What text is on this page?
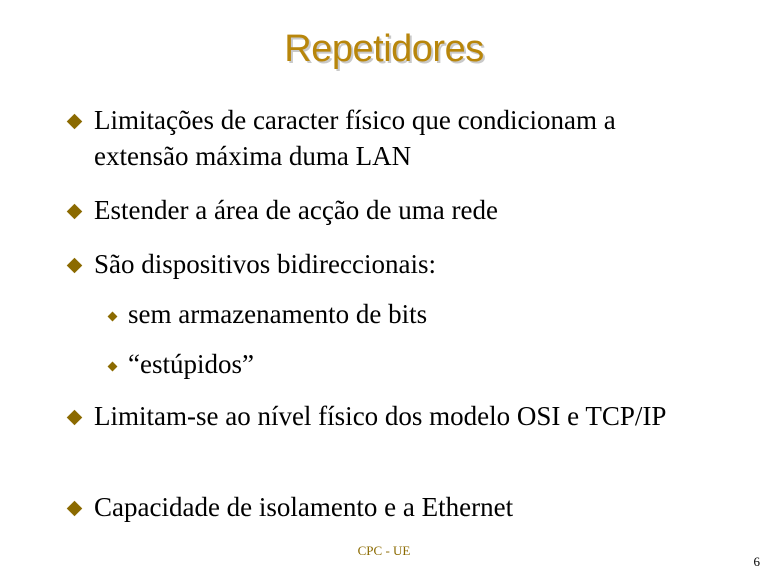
Repetidores
Limitações de caracter físico que condicionam a extensão máxima duma LAN
Estender a área de acção de uma rede
São dispositivos bidireccionais:
sem armazenamento de bits
“estúpidos”
Limitam-se ao nível físico dos modelo OSI e TCP/IP
Capacidade de isolamento e a Ethernet
CPC - UE
6
